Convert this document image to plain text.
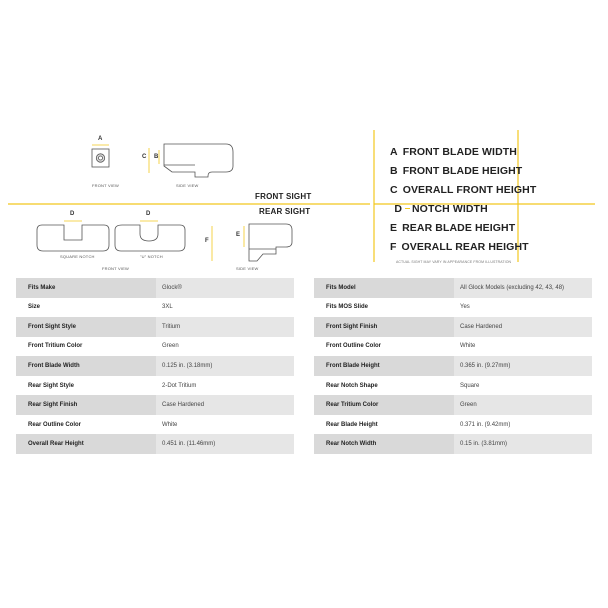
A
B
C
D	D
E
F
FRONT VIEW	SIDE VIEW
SQUARE NOTCH	"U" NOTCH
FRONT VIEW	SIDE VIEW
FRONT SIGHT
REAR SIGHT
A FRONT BLADE WIDTH
B FRONT BLADE HEIGHT
C OVERALL FRONT HEIGHT
D NOTCH WIDTH
E REAR BLADE HEIGHT
F OVERALL REAR HEIGHT
ACTUAL SIGHT MAY VARY IN APPEARANCE FROM ILLUSTRATION
Fits Make	Glock®
Size	3XL
Front Sight Style	Tritium
Front Tritium Color	Green
Front Blade Width	0.125 in. (3.18mm)
Rear Sight Style	2-Dot Tritium
Rear Sight Finish	Case Hardened
Rear Outline Color	White
Overall Rear Height	0.451 in. (11.46mm)
Fits Model	All Glock Models (excluding 42, 43, 48)
Fits MOS Slide	Yes
Front Sight Finish	Case Hardened
Front Outline Color	White
Front Blade Height	0.365 in. (9.27mm)
Rear Notch Shape	Square
Rear Tritium Color	Green
Rear Blade Height	0.371 in. (9.42mm)
Rear Notch Width	0.15 in. (3.81mm)
